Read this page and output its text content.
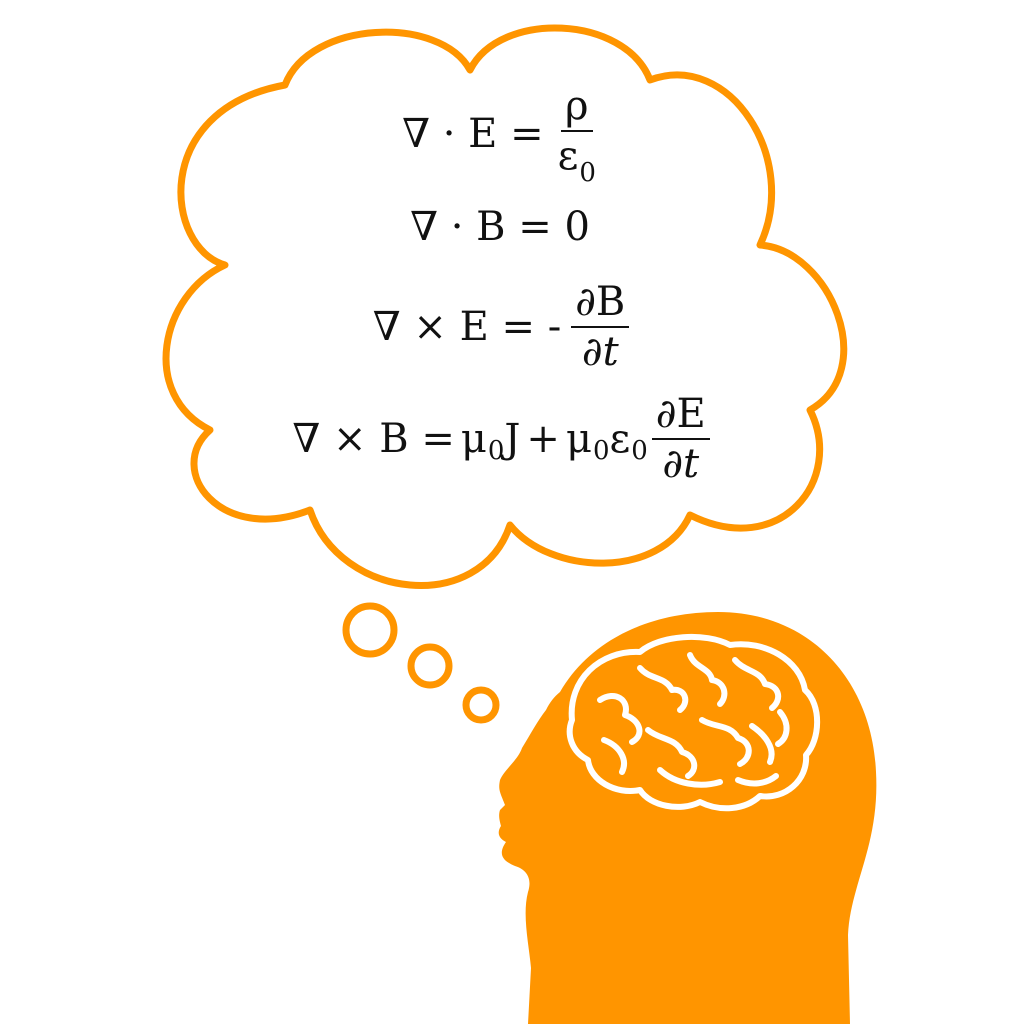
∇ · $E = \frac{\rho}{\varepsilon_0}$
∇ · B = 0
∇ × E = - $\frac{\partial B}{\partial t}$
∇ × B = μ 0 J + μ 0 ε $0 \frac{\partial E}{\partial t}$
